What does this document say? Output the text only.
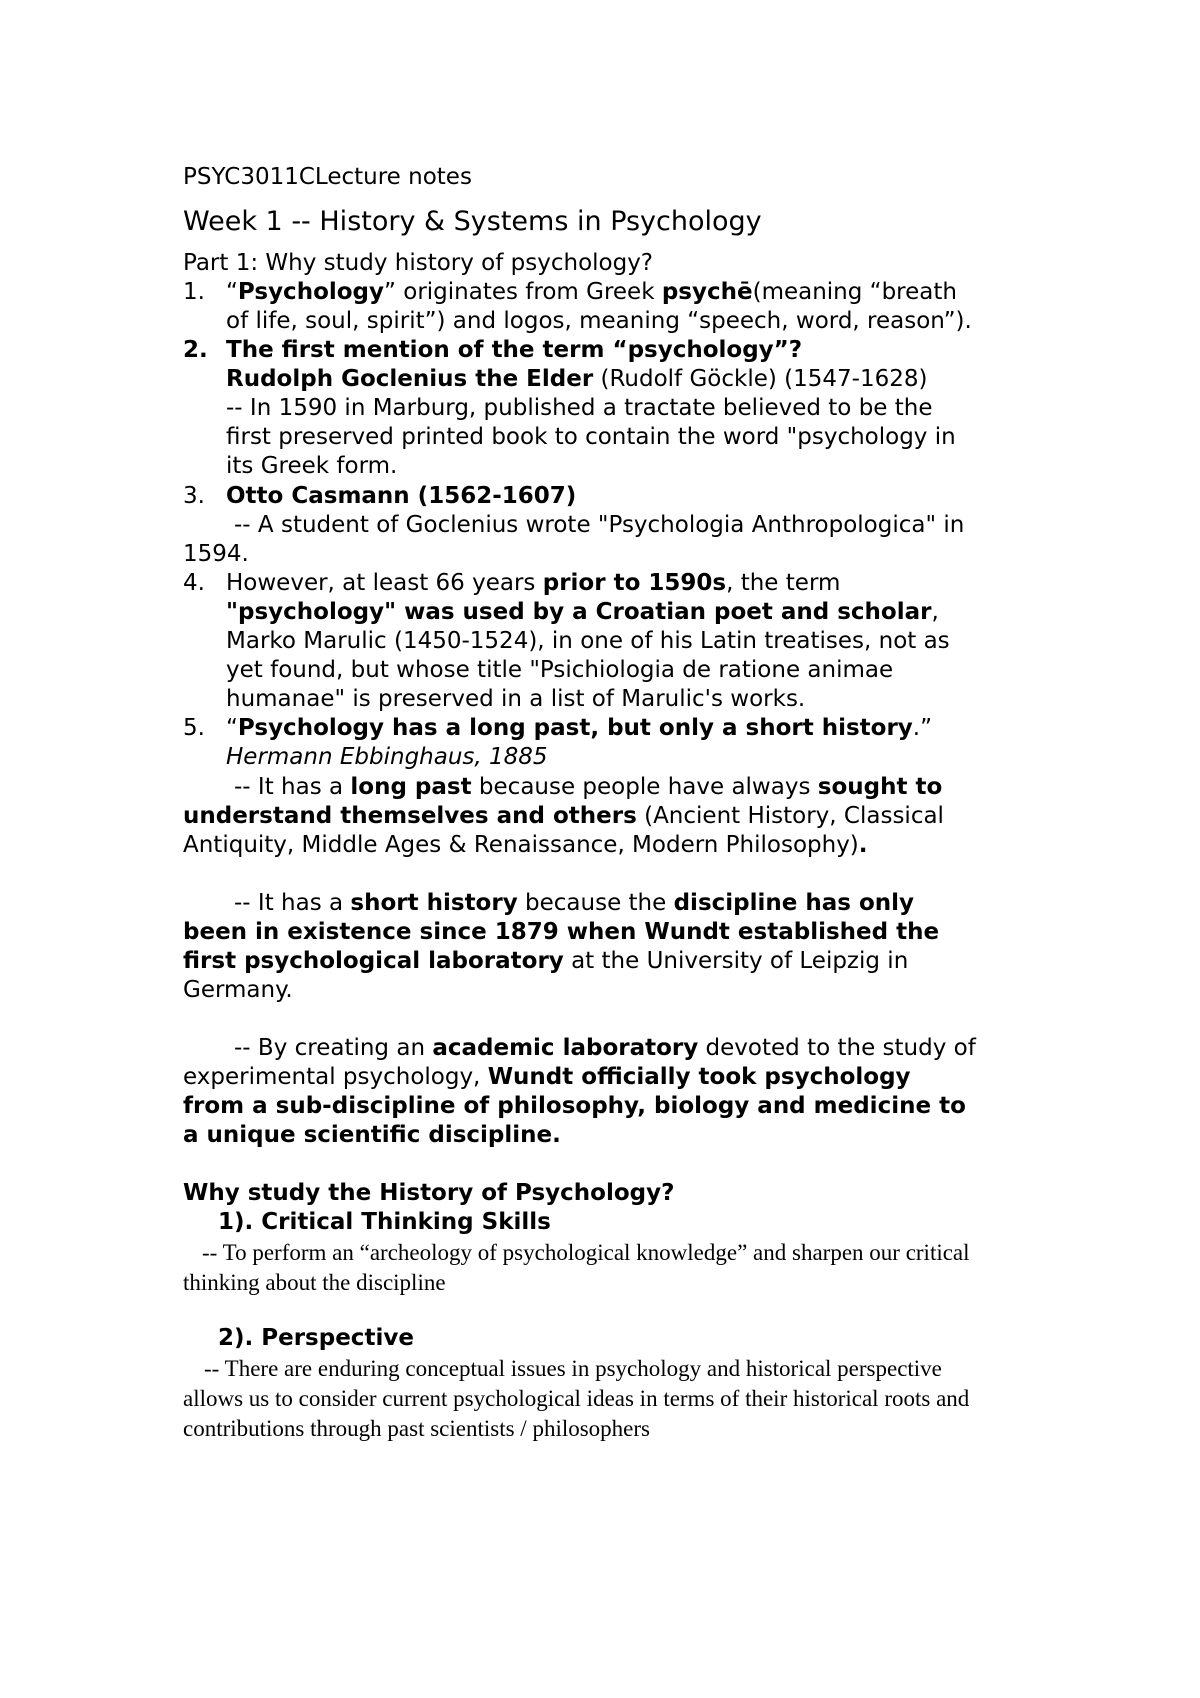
PSYC3011CLecture notes
Week 1 -- History & Systems in Psychology
Part 1: Why study history of psychology?
1. “Psychology” originates from Greek psychē(meaning “breath
of life, soul, spirit”) and logos, meaning “speech, word, reason”).
2. The first mention of the term “psychology”?
Rudolph Goclenius the Elder (Rudolf Göckle) (1547-1628)
-- In 1590 in Marburg, published a tractate believed to be the
first preserved printed book to contain the word "psychology in
its Greek form.
3. Otto Casmann (1562-1607)
-- A student of Goclenius wrote "Psychologia Anthropologica" in
1594.
4. However, at least 66 years prior to 1590s, the term
"psychology" was used by a Croatian poet and scholar,
Marko Marulic (1450-1524), in one of his Latin treatises, not as
yet found, but whose title "Psichiologia de ratione animae
humanae" is preserved in a list of Marulic's works.
5. “Psychology has a long past, but only a short history.”
Hermann Ebbinghaus, 1885
-- It has a long past because people have always sought to
understand themselves and others (Ancient History, Classical
Antiquity, Middle Ages & Renaissance, Modern Philosophy).
-- It has a short history because the discipline has only
been in existence since 1879 when Wundt established the
first psychological laboratory at the University of Leipzig in
Germany.
-- By creating an academic laboratory devoted to the study of
experimental psychology, Wundt officially took psychology
from a sub-discipline of philosophy, biology and medicine to
a unique scientific discipline.
Why study the History of Psychology?
1). Critical Thinking Skills
-- To perform an “archeology of psychological knowledge” and sharpen our critical
thinking about the discipline
2). Perspective
-- There are enduring conceptual issues in psychology and historical perspective
allows us to consider current psychological ideas in terms of their historical roots and
contributions through past scientists / philosophers
